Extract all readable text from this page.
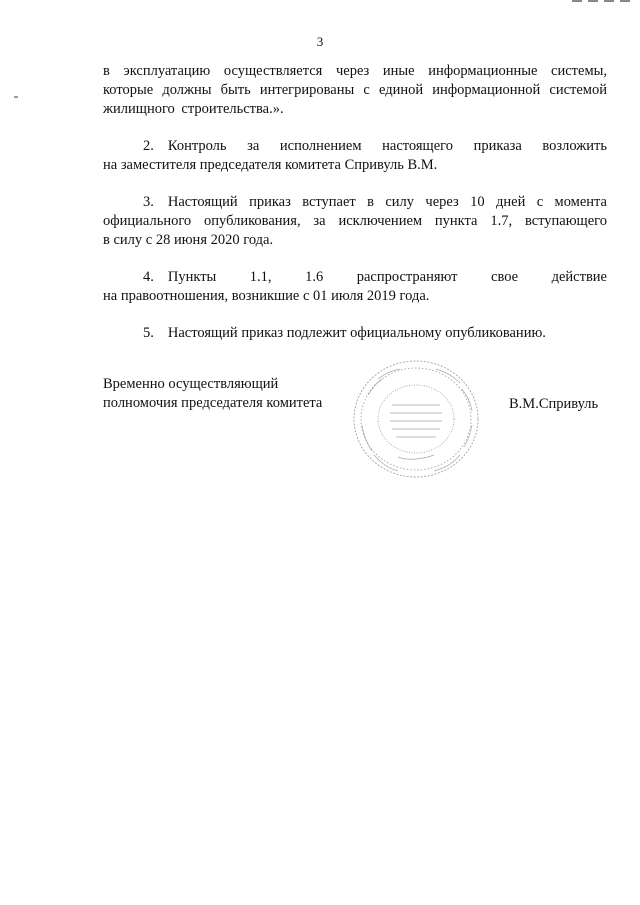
3

в эксплуатацию осуществляется через иные информационные системы,
которые должны быть интегрированы с единой информационной системой
жилищного строительства.».

2. Контроль за исполнением настоящего приказа возложить
на заместителя председателя комитета Спривуль В.М.

3. Настоящий приказ вступает в силу через 10 дней с момента
официального опубликования, за исключением пункта 1.7, вступающего
в силу с 28 июня 2020 года.

4. Пункты 1.1, 1.6 распространяют свое действие
на правоотношения, возникшие с 01 июля 2019 года.

5. Настоящий приказ подлежит официальному опубликованию.

Временно осуществляющий
полномочия председателя комитета	В.М.Спривуль
